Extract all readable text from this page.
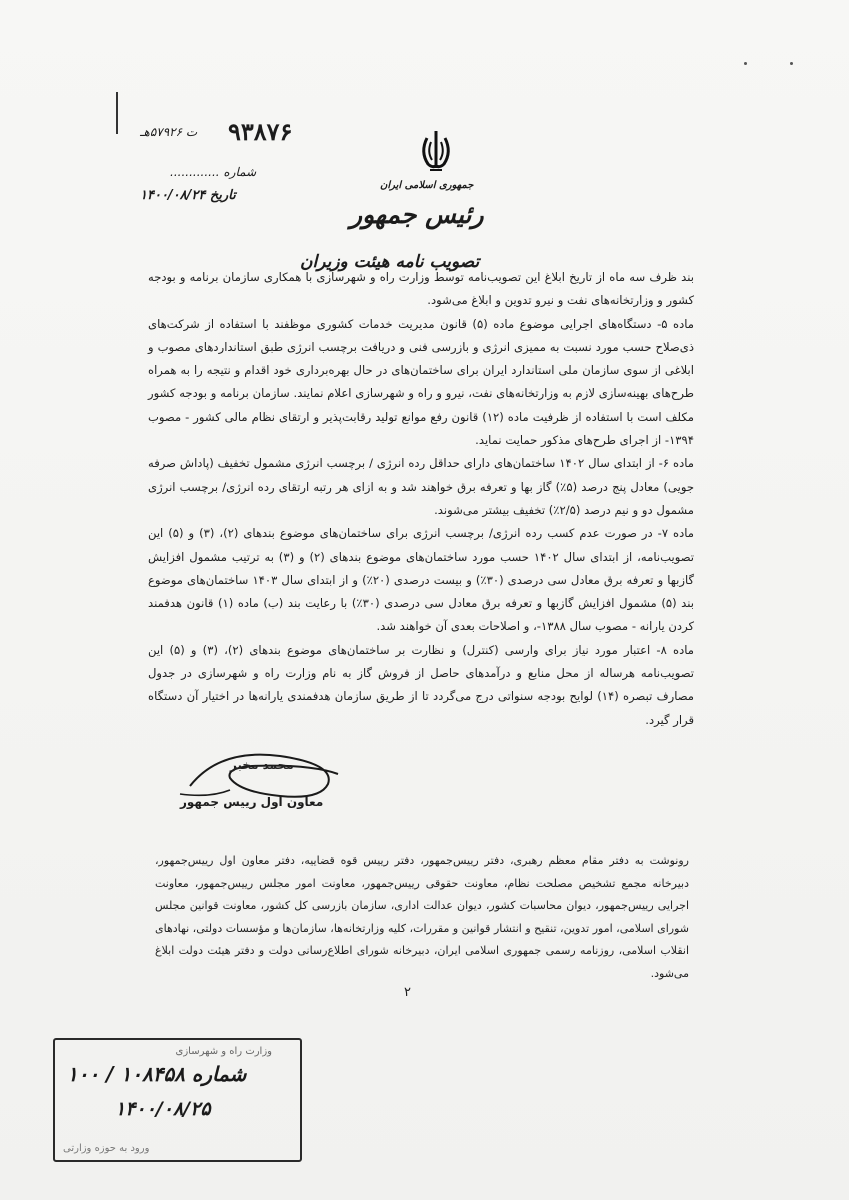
۹۳۸۷۶
ت ۵۷۹۲۶هـ
شماره .............
تاریخ ۱۴۰۰/۰۸/۲۴
جمهوری اسلامی ایران
رئیس جمهور
تصویب نامه هیئت وزیران

بند ظرف سه ماه از تاریخ ابلاغ این تصویب‌نامه توسط وزارت راه و شهرسازی با همکاری سازمان برنامه و بودجه کشور و وزارتخانه‌های نفت و نیرو تدوین و ابلاغ می‌شود.

ماده ۵- دستگاه‌های اجرایی موضوع ماده (۵) قانون مدیریت خدمات کشوری موظفند با استفاده از شرکت‌های ذی‌صلاح حسب مورد نسبت به ممیزی انرژی و بازرسی فنی و دریافت برچسب انرژی طبق استانداردهای مصوب و ابلاغی از سوی سازمان ملی استاندارد ایران برای ساختمان‌های در حال بهره‌برداری خود اقدام و نتیجه را به همراه طرح‌های بهینه‌سازی لازم به وزارتخانه‌های نفت، نیرو و راه و شهرسازی اعلام نمایند. سازمان برنامه و بودجه کشور مکلف است با استفاده از ظرفیت ماده (۱۲) قانون رفع موانع تولید رقابت‌پذیر و ارتقای نظام مالی کشور - مصوب ۱۳۹۴- از اجرای طرح‌های مذکور حمایت نماید.

ماده ۶- از ابتدای سال ۱۴۰۲ ساختمان‌های دارای حداقل رده انرژی / برچسب انرژی مشمول تخفیف (پاداش صرفه جویی) معادل پنج درصد (۵٪) گاز بها و تعرفه برق خواهند شد و به ازای هر رتبه ارتقای رده انرژی/ برچسب انرژی مشمول دو و نیم درصد (۲/۵٪) تخفیف بیشتر می‌شوند.

ماده ۷- در صورت عدم کسب رده انرژی/ برچسب انرژی برای ساختمان‌های موضوع بندهای (۲)، (۳) و (۵) این تصویب‌نامه، از ابتدای سال ۱۴۰۲ حسب مورد ساختمان‌های موضوع بندهای (۲) و (۳) به ترتیب مشمول افزایش گازبها و تعرفه برق معادل سی درصدی (۳۰٪) و بیست درصدی (۲۰٪) و از ابتدای سال ۱۴۰۳ ساختمان‌های موضوع بند (۵) مشمول افزایش گازبها و تعرفه برق معادل سی درصدی (۳۰٪) با رعایت بند (ب) ماده (۱) قانون هدفمند کردن یارانه - مصوب سال ۱۳۸۸-، و اصلاحات بعدی آن خواهند شد.

ماده ۸- اعتبار مورد نیاز برای وارسی (کنترل) و نظارت بر ساختمان‌های موضوع بندهای (۲)، (۳) و (۵) این تصویب‌نامه هرساله از محل منابع و درآمدهای حاصل از فروش گاز به نام وزارت راه و شهرسازی در جدول مصارف تبصره (۱۴) لوایح بودجه سنواتی درج می‌گردد تا از طریق سازمان هدفمندی یارانه‌ها در اختیار آن دستگاه قرار گیرد.

محمد مخبر
معاون اول رییس جمهور

رونوشت به دفتر مقام معظم رهبری، دفتر رییس‌جمهور، دفتر رییس قوه قضاییه، دفتر معاون اول رییس‌جمهور، دبیرخانه مجمع تشخیص مصلحت نظام، معاونت حقوقی رییس‌جمهور، معاونت امور مجلس رییس‌جمهور، معاونت اجرایی رییس‌جمهور، دیوان محاسبات کشور، دیوان عدالت اداری، سازمان بازرسی کل کشور، معاونت قوانین مجلس شورای اسلامی، امور تدوین، تنقیح و انتشار قوانین و مقررات، کلیه وزارتخانه‌ها، سازمان‌ها و مؤسسات دولتی، نهادهای انقلاب اسلامی، روزنامه رسمی جمهوری اسلامی ایران، دبیرخانه شورای اطلاع‌رسانی دولت و دفتر هیئت دولت ابلاغ می‌شود.

۲
وزارت راه و شهرسازی
شماره ۱۰۸۴۵۸ / ۱۰۰
۱۴۰۰/۰۸/۲۵
ورود به حوزه وزارتی
